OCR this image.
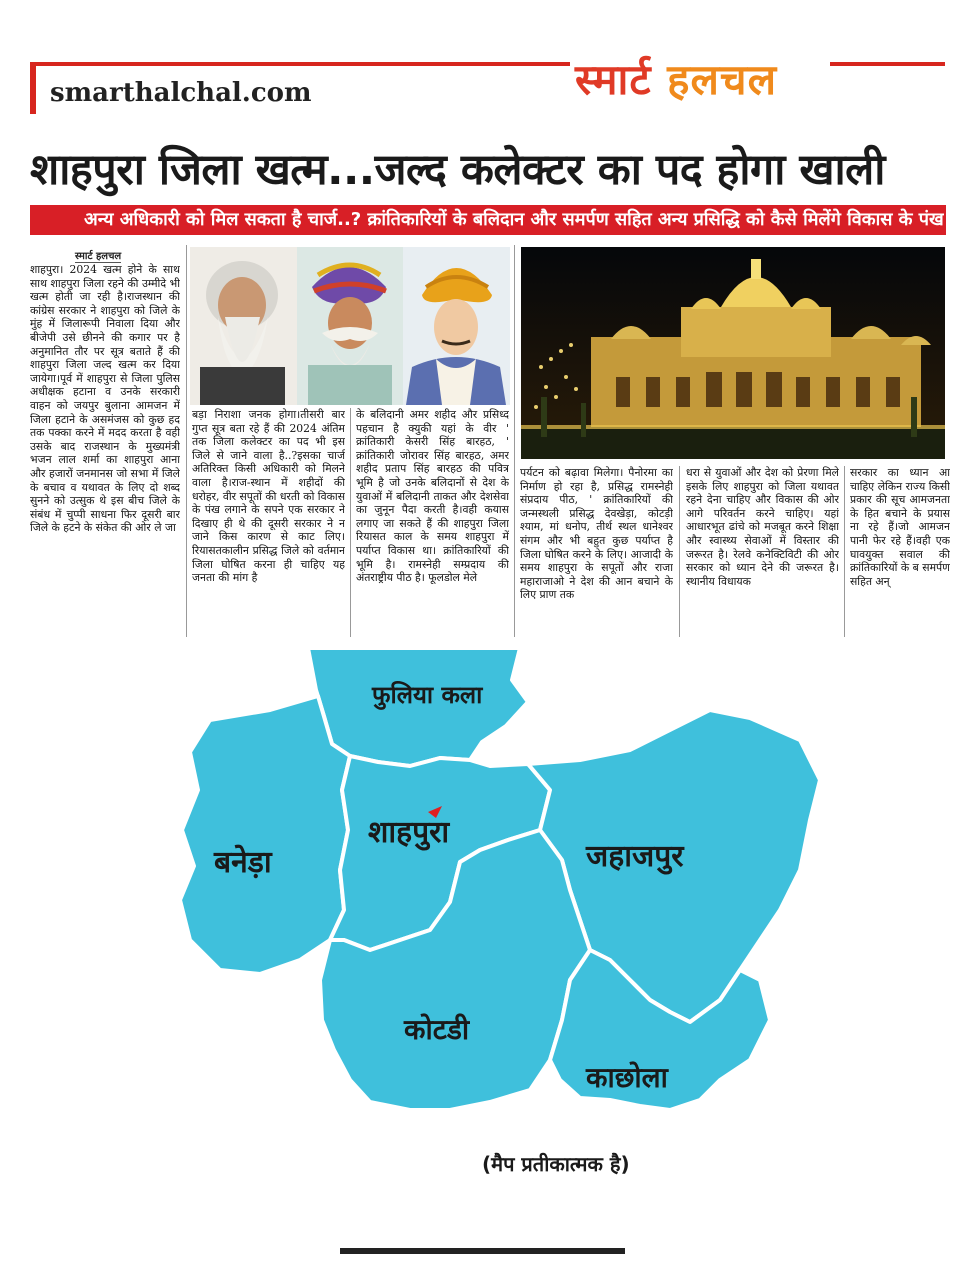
smarthalchal.com	स्मार्ट हलचल
शाहपुरा जिला खत्म...जल्द कलेक्टर का पद होगा खाली
अन्य अधिकारी को मिल सकता है चार्ज..? क्रांतिकारियों के बलिदान और समर्पण सहित अन्य प्रसिद्धि को कैसे मिलेंगे विकास के पंख
स्मार्ट हलचल
शाहपुरा। 2024 खत्म होने के साथ साथ शाहपुरा जिला रहने की उम्मीदे भी खत्म होती जा रही है।राजस्थान की कांग्रेस सरकार ने शाहपुरा को जिले के मुंह में जिलारूपी निवाला दिया और बीजेपी उसे छीनने की कगार पर है अनुमानित तौर पर सूत्र बताते हैं की शाहपुरा जिला जल्द खत्म कर दिया जायेगा।पूर्व में शाहपुरा से जिला पुलिस अधीक्षक हटाना व उनके सरकारी वाहन को जयपुर बुलाना आमजन में जिला हटाने के असमंजस को कुछ हद तक पक्का करने में मदद करता है वही उसके बाद राजस्थान के मुख्यमंत्री भजन लाल शर्मा का शाहपुरा आना और हजारों जनमानस जो सभा में जिले के बचाव व यथावत के लिए दो शब्द सुनने को उत्सुक थे इस बीच जिले के संबंध में चुप्पी साधना फिर दूसरी बार जिले के हटने के संकेत की ओर ले जा
बड़ा निराशा जनक होगा।तीसरी बार गुप्त सूत्र बता रहे हैं की 2024 अंतिम तक जिला कलेक्टर का पद भी इस जिले से जाने वाला है..?इसका चार्ज अतिरिक्त किसी अधिकारी को मिलने वाला है।राज-स्थान में शहीदों की धरोहर, वीर सपूतों की धरती को विकास के पंख लगाने के सपने एक सरकार ने दिखाए ही थे की दूसरी सरकार ने न जाने किस कारण से काट लिए।रियासतकालीन प्रसिद्ध जिले को वर्तमान जिला घोषित करना ही चाहिए यह जनता की मांग है
के बलिदानी अमर शहीद और प्रसिध्द पहचान है क्युकी यहां के वीर ' क्रांतिकारी केसरी सिंह बारहठ, ' क्रांतिकारी जोरावर सिंह बारहठ, अमर शहीद प्रताप सिंह बारहठ की पवित्र भूमि है जो उनके बलिदानों से देश के युवाओं में बलिदानी ताकत और देशसेवा का जुनून पैदा करती है।वही कयास लगाए जा सकते हैं की शाहपुरा जिला रियासत काल के समय शाहपुरा में पर्याप्त विकास था। क्रांतिकारियों की भूमि है। रामस्नेही सम्प्रदाय की अंतराष्ट्रीय पीठ है। फूलडोल मेले
पर्यटन को बढ़ावा मिलेगा। पैनोरमा का निर्माण हो रहा है, प्रसिद्ध रामस्नेही संप्रदाय पीठ, ' क्रांतिकारियों की जन्मस्थली प्रसिद्ध देवखेड़ा, कोटड़ी श्याम, मां धनोप, तीर्थ स्थल धानेश्वर संगम और भी बहुत कुछ पर्याप्त है जिला घोषित करने के लिए। आजादी के समय शाहपुरा के सपूतों और राजा महाराजाओ ने देश की आन बचाने के लिए प्राण तक
धरा से युवाओं और देश को प्रेरणा मिले इसके लिए शाहपुरा को जिला यथावत रहने देना चाहिए और विकास की ओर आगे परिवर्तन करने चाहिए। यहां आधारभूत ढांचे को मजबूत करने शिक्षा और स्वास्थ्य सेवाओं में विस्तार की जरूरत है। रेलवे कनेक्टिविटी की ओर सरकार को ध्यान देने की जरूरत है।स्थानीय विधायक
सरकार का ध्यान आ चाहिए लेकिन राज्य किसी प्रकार की सूच आमजनता के हित बचाने के प्रयास ना रहे हैं।जो आमजन पानी फेर रहे हैं।वही एक घावयुक्त सवाल की क्रांतिकारियों के ब समर्पण सहित अन्
फुलिया कला
शाहपुरा
बनेड़ा	जहाजपुर
कोटडी
काछोला
(मैप प्रतीकात्मक है)
